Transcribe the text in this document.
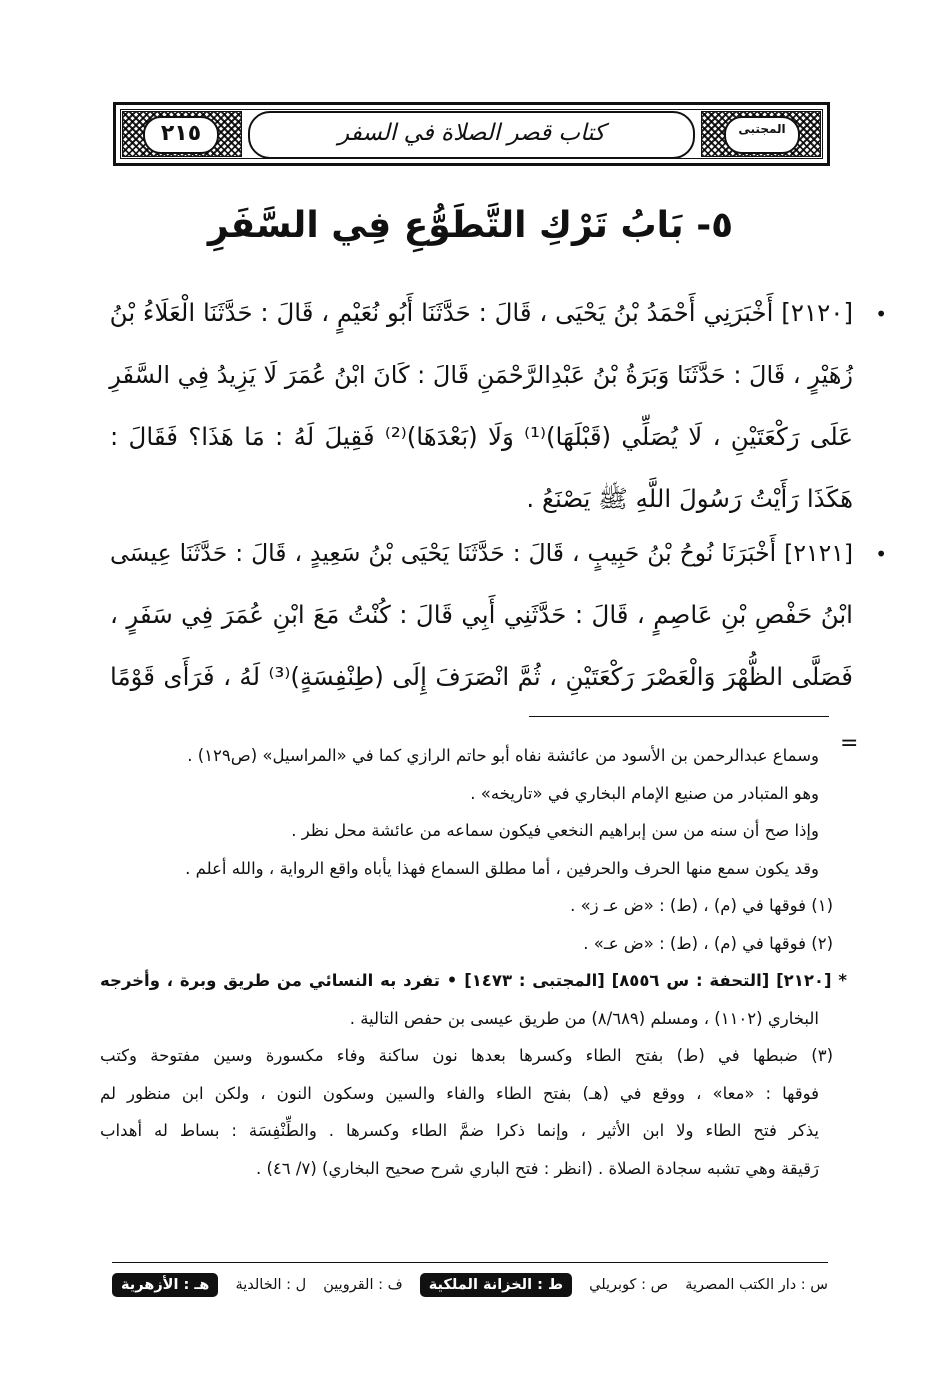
٢١٥	كتاب قصر الصلاة في السفر	المجتبى
٥- بَابُ تَرْكِ التَّطَوُّعِ فِي السَّفَرِ
•
[٢١٢٠] أَخْبَرَنِي أَحْمَدُ بْنُ يَحْيَى ، قَالَ : حَدَّثَنَا أَبُو نُعَيْمٍ ، قَالَ : حَدَّثَنَا الْعَلَاءُ بْنُ
زُهَيْرٍ ، قَالَ : حَدَّثَنَا وَبَرَةُ بْنُ عَبْدِالرَّحْمَنِ قَالَ : كَانَ ابْنُ عُمَرَ لَا يَزِيدُ فِي السَّفَرِ
عَلَى رَكْعَتَيْنِ ، لَا يُصَلِّي (قَبْلَهَا)⁽¹⁾ وَلَا (بَعْدَهَا)⁽²⁾ فَقِيلَ لَهُ : مَا هَذَا؟ فَقَالَ :
هَكَذَا رَأَيْتُ رَسُولَ اللَّهِ ﷺ يَصْنَعُ .
•
[٢١٢١] أَخْبَرَنَا نُوحُ بْنُ حَبِيبٍ ، قَالَ : حَدَّثَنَا يَحْيَى بْنُ سَعِيدٍ ، قَالَ : حَدَّثَنَا عِيسَى
ابْنُ حَفْصِ بْنِ عَاصِمٍ ، قَالَ : حَدَّثَنِي أَبِي قَالَ : كُنْتُ مَعَ ابْنِ عُمَرَ فِي سَفَرٍ ،
فَصَلَّى الظُّهْرَ وَالْعَصْرَ رَكْعَتَيْنِ ، ثُمَّ انْصَرَفَ إِلَى (طِنْفِسَةٍ)⁽³⁾ لَهُ ، فَرَأَى قَوْمًا
=
وسماع عبدالرحمن بن الأسود من عائشة نفاه أبو حاتم الرازي كما في «المراسيل» (ص١٢٩) .
وهو المتبادر من صنيع الإمام البخاري في «تاريخه» .
وإذا صح أن سنه من سن إبراهيم النخعي فيكون سماعه من عائشة محل نظر .
وقد يكون سمع منها الحرف والحرفين ، أما مطلق السماع فهذا يأباه واقع الرواية ، والله أعلم .
(١) فوقها في (م) ، (ط) : «ض عـ ز» .
(٢) فوقها في (م) ، (ط) : «ض عـ» .
* [٢١٢٠] [التحفة : س ٨٥٥٦] [المجتبى : ١٤٧٣] • تفرد به النسائي من طريق وبرة ، وأخرجه
البخاري (١١٠٢) ، ومسلم (٨/٦٨٩) من طريق عيسى بن حفص التالية .
(٣) ضبطها في (ط) بفتح الطاء وكسرها بعدها نون ساكنة وفاء مكسورة وسين مفتوحة وكتب
فوقها : «معا» ، ووقع في (هـ) بفتح الطاء والفاء والسين وسكون النون ، ولكن ابن منظور لم
يذكر فتح الطاء ولا ابن الأثير ، وإنما ذكرا ضمَّ الطاء وكسرها . والطِّنْفِسَة : بساط له أهداب
رَقيقة وهي تشبه سجادة الصلاة . (انظر : فتح الباري شرح صحيح البخاري) (٧/ ٤٦) .
س : دار الكتب المصرية
ص : كوبريلي
ط : الخزانة الملكية
ف : القرويين
ل : الخالدية
هـ : الأزهرية
